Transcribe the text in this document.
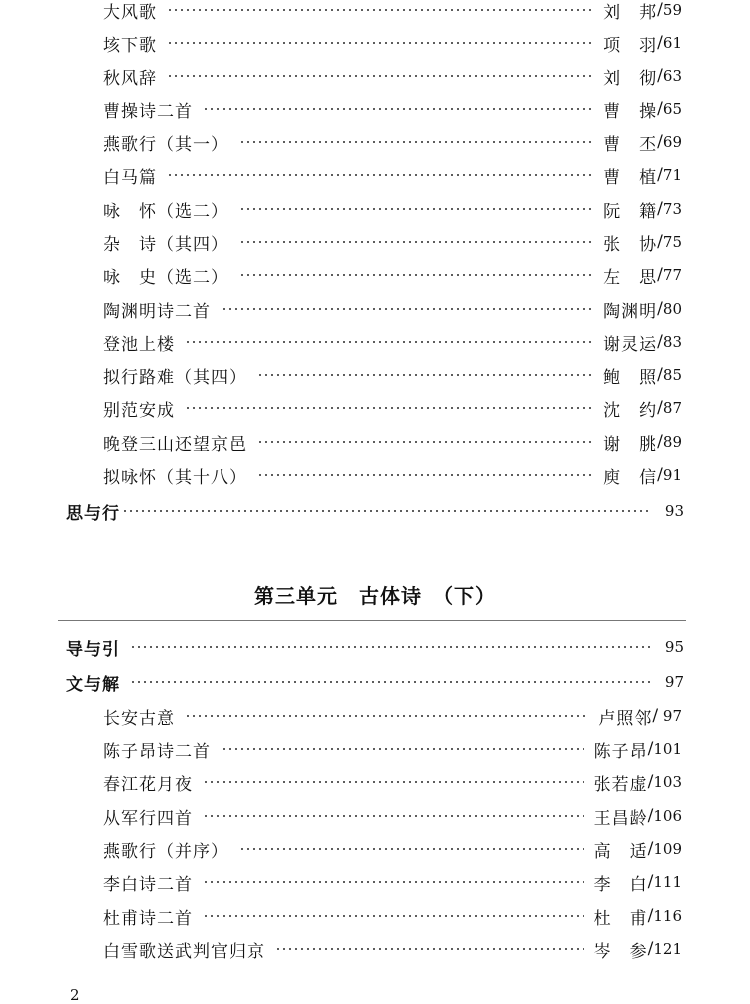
大风歌	刘　邦 / 59
垓下歌	项　羽 / 61
秋风辞	刘　彻 / 63
曹操诗二首	曹　操 / 65
燕歌行（其一）	曹　丕 / 69
白马篇	曹　植 / 71
咏　怀（选二）	阮　籍 / 73
杂　诗（其四）	张　协 / 75
咏　史（选二）	左　思 / 77
陶渊明诗二首	陶渊明 / 80
登池上楼	谢灵运 / 83
拟行路难（其四）	鲍　照 / 85
别范安成	沈　约 / 87
晚登三山还望京邑	谢　朓 / 89
拟咏怀（其十八）	庾　信 / 91
思与行	93
第三单元　古体诗　（下）
导与引	95
文与解	97
长安古意	卢照邻 / 97
陈子昂诗二首	陈子昂 / 101
春江花月夜	张若虚 / 103
从军行四首	王昌龄 / 106
燕歌行（并序）	高　适 / 109
李白诗二首	李　白 / 111
杜甫诗二首	杜　甫 / 116
白雪歌送武判官归京	岑　参 / 121
2
